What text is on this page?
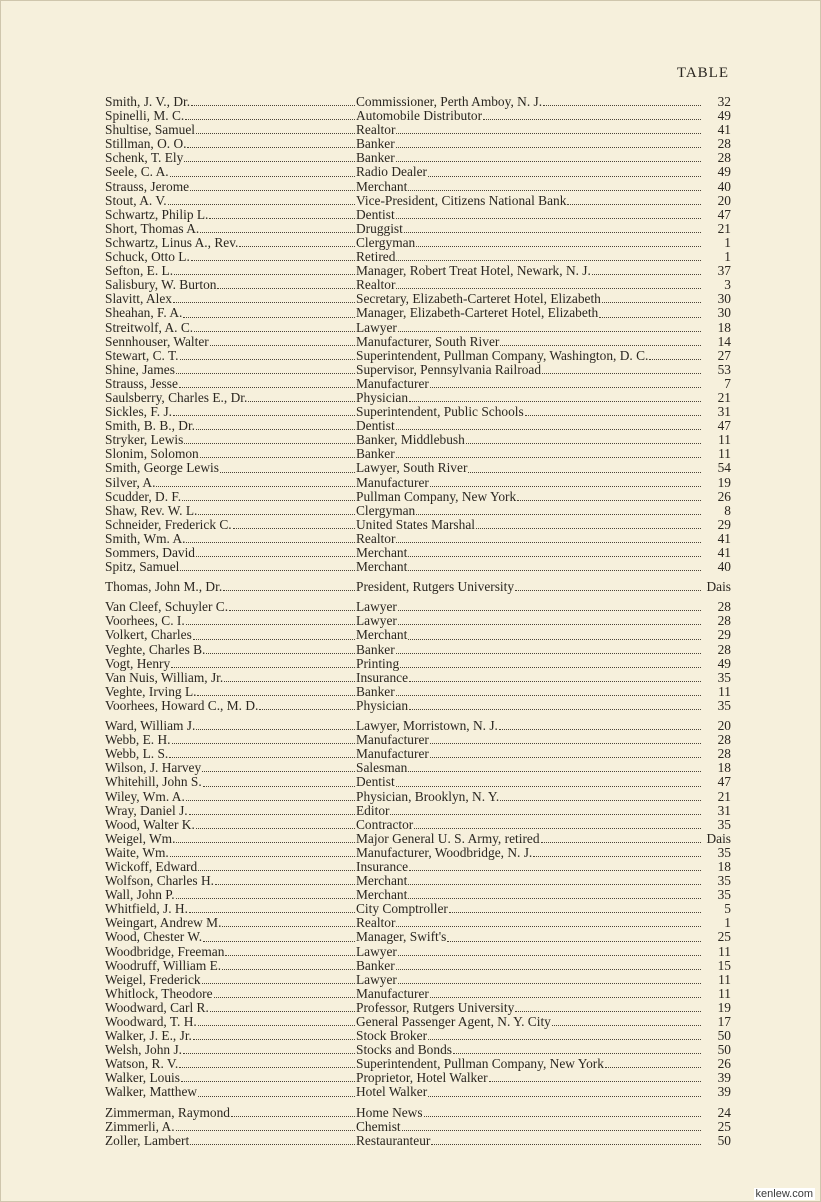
TABLE
Smith, J. V., Dr.	Commissioner, Perth Amboy, N. J.	32
Spinelli, M. C.	Automobile Distributor	49
Shultise, Samuel	Realtor	41
Stillman, O. O.	Banker	28
Schenk, T. Ely	Banker	28
Seele, C. A.	Radio Dealer	49
Strauss, Jerome	Merchant	40
Stout, A. V.	Vice-President, Citizens National Bank	20
Schwartz, Philip L.	Dentist	47
Short, Thomas A.	Druggist	21
Schwartz, Linus A., Rev.	Clergyman	1
Schuck, Otto L.	Retired	1
Sefton, E. L.	Manager, Robert Treat Hotel, Newark, N. J.	37
Salisbury, W. Burton	Realtor	3
Slavitt, Alex	Secretary, Elizabeth-Carteret Hotel, Elizabeth	30
Sheahan, F. A.	Manager, Elizabeth-Carteret Hotel, Elizabeth	30
Streitwolf, A. C.	Lawyer	18
Sennhouser, Walter	Manufacturer, South River	14
Stewart, C. T.	Superintendent, Pullman Company, Washington, D. C.	27
Shine, James	Supervisor, Pennsylvania Railroad	53
Strauss, Jesse	Manufacturer	7
Saulsberry, Charles E., Dr.	Physician	21
Sickles, F. J.	Superintendent, Public Schools	31
Smith, B. B., Dr.	Dentist	47
Stryker, Lewis	Banker, Middlebush	11
Slonim, Solomon	Banker	11
Smith, George Lewis	Lawyer, South River	54
Silver, A.	Manufacturer	19
Scudder, D. F.	Pullman Company, New York	26
Shaw, Rev. W. L.	Clergyman	8
Schneider, Frederick C.	United States Marshal	29
Smith, Wm. A.	Realtor	41
Sommers, David	Merchant	41
Spitz, Samuel	Merchant	40
Thomas, John M., Dr.	President, Rutgers University	Dais
Van Cleef, Schuyler C.	Lawyer	28
Voorhees, C. I.	Lawyer	28
Volkert, Charles	Merchant	29
Veghte, Charles B.	Banker	28
Vogt, Henry	Printing	49
Van Nuis, William, Jr.	Insurance	35
Veghte, Irving L.	Banker	11
Voorhees, Howard C., M. D.	Physician	35
Ward, William J.	Lawyer, Morristown, N. J.	20
Webb, E. H.	Manufacturer	28
Webb, L. S.	Manufacturer	28
Wilson, J. Harvey	Salesman	18
Whitehill, John S.	Dentist	47
Wiley, Wm. A.	Physician, Brooklyn, N. Y.	21
Wray, Daniel J.	Editor	31
Wood, Walter K.	Contractor	35
Weigel, Wm.	Major General U. S. Army, retired	Dais
Waite, Wm.	Manufacturer, Woodbridge, N. J.	35
Wickoff, Edward	Insurance	18
Wolfson, Charles H.	Merchant	35
Wall, John P.	Merchant	35
Whitfield, J. H.	City Comptroller	5
Weingart, Andrew M.	Realtor	1
Wood, Chester W.	Manager, Swift's	25
Woodbridge, Freeman	Lawyer	11
Woodruff, William E.	Banker	15
Weigel, Frederick	Lawyer	11
Whitlock, Theodore	Manufacturer	11
Woodward, Carl R.	Professor, Rutgers University	19
Woodward, T. H.	General Passenger Agent, N. Y. City	17
Walker, J. E., Jr.	Stock Broker	50
Welsh, John J.	Stocks and Bonds	50
Watson, R. V.	Superintendent, Pullman Company, New York	26
Walker, Louis	Proprietor, Hotel Walker	39
Walker, Matthew	Hotel Walker	39
Zimmerman, Raymond	Home News	24
Zimmerli, A.	Chemist	25
Zoller, Lambert	Restauranteur	50
kenlew.com
